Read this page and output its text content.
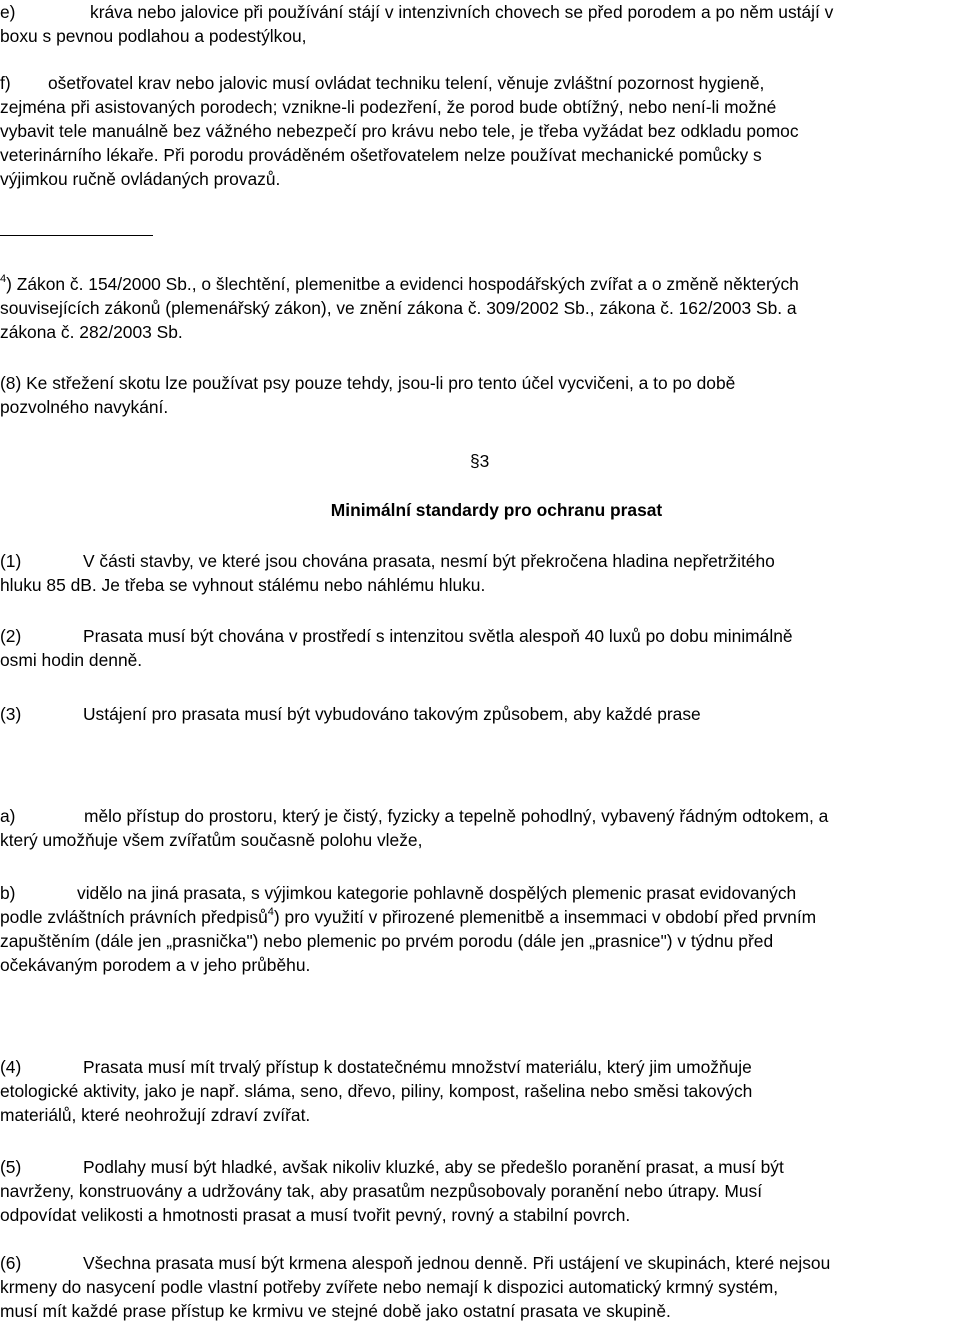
e)	kráva nebo jalovice při používání stájí v intenzivních chovech se před porodem a po něm ustájí v
boxu s pevnou podlahou a podestýlkou,
f) ošetřovatel krav nebo jalovic musí ovládat techniku telení, věnuje zvláštní pozornost hygieně,
zejména při asistovaných porodech; vznikne-li podezření, že porod bude obtížný, nebo není-li možné
vybavit tele manuálně bez vážného nebezpečí pro krávu nebo tele, je třeba vyžádat bez odkladu pomoc
veterinárního lékaře. Při porodu prováděném ošetřovatelem nelze používat mechanické pomůcky s
výjimkou ručně ovládaných provazů.
$^4$) Zákon č. 154/2000 Sb., o šlechtění, plemenitbe a evidenci hospodářských zvířat a o změně některých
souvisejících zákonů (plemenářský zákon), ve znění zákona č. 309/2002 Sb., zákona č. 162/2003 Sb. a
zákona č. 282/2003 Sb.
(8) Ke střežení skotu lze používat psy pouze tehdy, jsou-li pro tento účel vycvičeni, a to po době
pozvolného navykání.
§3
Minimální standardy pro ochranu prasat
(1)	V části stavby, ve které jsou chována prasata, nesmí být překročena hladina nepřetržitého
hluku 85 dB. Je třeba se vyhnout stálému nebo náhlému hluku.
(2)	Prasata musí být chována v prostředí s intenzitou světla alespoň 40 luxů po dobu minimálně
osmi hodin denně.
(3)	Ustájení pro prasata musí být vybudováno takovým způsobem, aby každé prase
a)	mělo přístup do prostoru, který je čistý, fyzicky a tepelně pohodlný, vybavený řádným odtokem, a
který umožňuje všem zvířatům současně polohu vleže,
b)	vidělo na jiná prasata, s výjimkou kategorie pohlavně dospělých plemenic prasat evidovaných
podle zvláštních právních předpisů$^4$) pro využití v přirozené plemenitbě a insemmaci v období před prvním
zapuštěním (dále jen „prasnička") nebo plemenic po prvém porodu (dále jen „prasnice") v týdnu před
očekávaným porodem a v jeho průběhu.
(4)	Prasata musí mít trvalý přístup k dostatečnému množství materiálu, který jim umožňuje
etologické aktivity, jako je např. sláma, seno, dřevo, piliny, kompost, rašelina nebo směsi takových
materiálů, které neohrožují zdraví zvířat.
(5)	Podlahy musí být hladké, avšak nikoliv kluzké, aby se předešlo poranění prasat, a musí být
navrženy, konstruovány a udržovány tak, aby prasatům nezpůsobovaly poranění nebo útrapy. Musí
odpovídat velikosti a hmotnosti prasat a musí tvořit pevný, rovný a stabilní povrch.
(6)	Všechna prasata musí být krmena alespoň jednou denně. Při ustájení ve skupinách, které nejsou
krmeny do nasycení podle vlastní potřeby zvířete nebo nemají k dispozici automatický krmný systém,
musí mít každé prase přístup ke krmivu ve stejné době jako ostatní prasata ve skupině.
